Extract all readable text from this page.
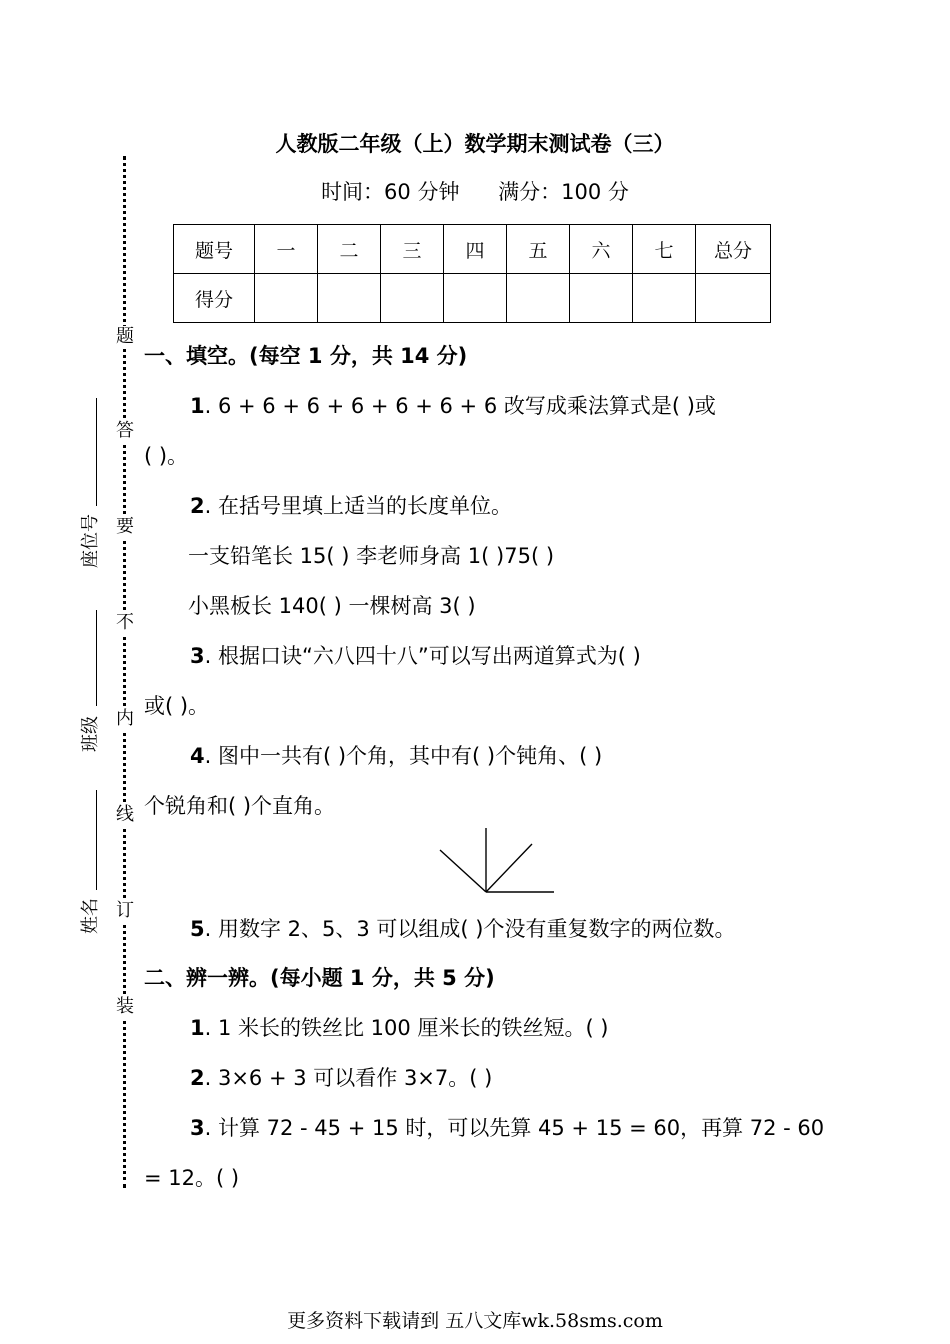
人教版二年级（上）数学期末测试卷（三）
时间：60 分钟 满分：100 分
题号	一	二	三	四	五	六	七	总分
得分								
题
答
要
不
内
线
订
装
座位号
班级
姓名
一、填空。(每空 1 分，共 14 分)
1. 6 + 6 + 6 + 6 + 6 + 6 + 6 改写成乘法算式是( )或
( )。
2. 在括号里填上适当的长度单位。
一支铅笔长 15( ) 李老师身高 1( )75( )
小黑板长 140( ) 一棵树高 3( )
3. 根据口诀“六八四十八”可以写出两道算式为( )
或( )。
4. 图中一共有( )个角，其中有( )个钝角、( )
个锐角和( )个直角。
5. 用数字 2、5、3 可以组成( )个没有重复数字的两位数。
二、辨一辨。(每小题 1 分，共 5 分)
1. 1 米长的铁丝比 100 厘米长的铁丝短。( )
2. 3×6 + 3 可以看作 3×7。( )
3. 计算 72 - 45 + 15 时，可以先算 45 + 15 = 60，再算 72 - 60
= 12。( )
更多资料下载请到 五八文库wk.58sms.com
